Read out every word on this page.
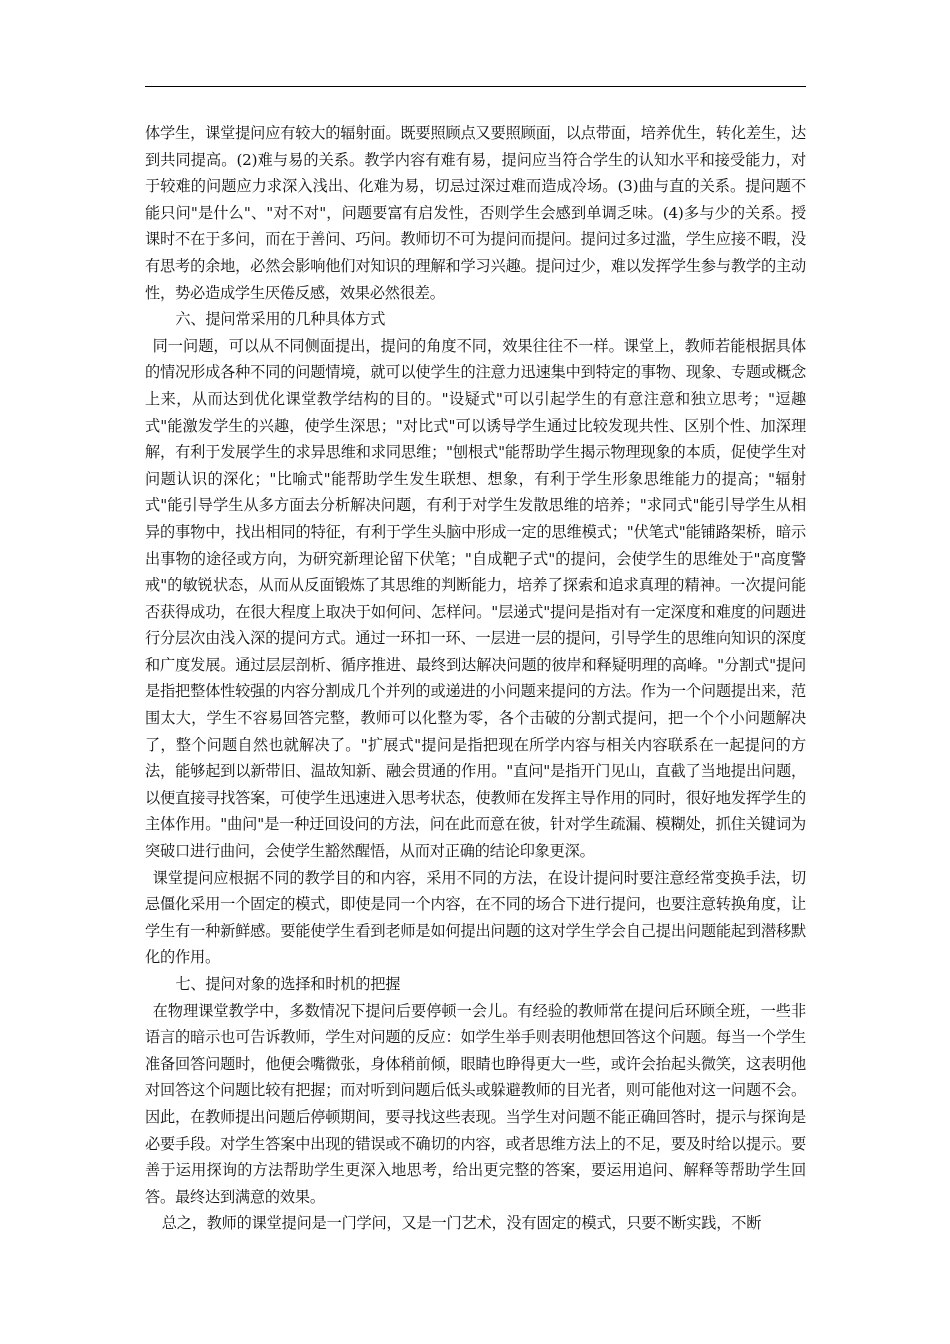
体学生，课堂提问应有较大的辐射面。既要照顾点又要照顾面，以点带面，培养优生，转化差生，达到共同提高。(2)难与易的关系。教学内容有难有易，提问应当符合学生的认知水平和接受能力，对于较难的问题应力求深入浅出、化难为易，切忌过深过难而造成冷场。(3)曲与直的关系。提问题不能只问"是什么"、"对不对"，问题要富有启发性，否则学生会感到单调乏味。(4)多与少的关系。授课时不在于多问，而在于善问、巧问。教师切不可为提问而提问。提问过多过滥，学生应接不暇，没有思考的余地，必然会影响他们对知识的理解和学习兴趣。提问过少，难以发挥学生参与教学的主动性，势必造成学生厌倦反感，效果必然很差。

六、提问常采用的几种具体方式

同一问题，可以从不同侧面提出，提问的角度不同，效果往往不一样。课堂上，教师若能根据具体的情况形成各种不同的问题情境，就可以使学生的注意力迅速集中到特定的事物、现象、专题或概念上来，从而达到优化课堂教学结构的目的。"设疑式"可以引起学生的有意注意和独立思考；"逗趣式"能激发学生的兴趣，使学生深思；"对比式"可以诱导学生通过比较发现共性、区别个性、加深理解，有利于发展学生的求异思维和求同思维；"刨根式"能帮助学生揭示物理现象的本质，促使学生对问题认识的深化；"比喻式"能帮助学生发生联想、想象，有利于学生形象思维能力的提高；"辐射式"能引导学生从多方面去分析解决问题，有利于对学生发散思维的培养；"求同式"能引导学生从相异的事物中，找出相同的特征，有利于学生头脑中形成一定的思维模式；"伏笔式"能铺路架桥，暗示出事物的途径或方向，为研究新理论留下伏笔；"自成靶子式"的提问，会使学生的思维处于"高度警戒"的敏锐状态，从而从反面锻炼了其思维的判断能力，培养了探索和追求真理的精神。一次提问能否获得成功，在很大程度上取决于如何问、怎样问。"层递式"提问是指对有一定深度和难度的问题进行分层次由浅入深的提问方式。通过一环扣一环、一层进一层的提问，引导学生的思维向知识的深度和广度发展。通过层层剖析、循序推进、最终到达解决问题的彼岸和释疑明理的高峰。"分割式"提问是指把整体性较强的内容分割成几个并列的或递进的小问题来提问的方法。作为一个问题提出来，范围太大，学生不容易回答完整，教师可以化整为零，各个击破的分割式提问，把一个个小问题解决了，整个问题自然也就解决了。"扩展式"提问是指把现在所学内容与相关内容联系在一起提问的方法，能够起到以新带旧、温故知新、融会贯通的作用。"直问"是指开门见山，直截了当地提出问题，以便直接寻找答案，可使学生迅速进入思考状态，使教师在发挥主导作用的同时，很好地发挥学生的主体作用。"曲问"是一种迂回设问的方法，问在此而意在彼，针对学生疏漏、模糊处，抓住关键词为突破口进行曲问，会使学生豁然醒悟，从而对正确的结论印象更深。

课堂提问应根据不同的教学目的和内容，采用不同的方法，在设计提问时要注意经常变换手法，切忌僵化采用一个固定的模式，即使是同一个内容，在不同的场合下进行提问，也要注意转换角度，让学生有一种新鲜感。要能使学生看到老师是如何提出问题的这对学生学会自己提出问题能起到潜移默化的作用。

七、提问对象的选择和时机的把握

在物理课堂教学中，多数情况下提问后要停顿一会儿。有经验的教师常在提问后环顾全班，一些非语言的暗示也可告诉教师，学生对问题的反应：如学生举手则表明他想回答这个问题。每当一个学生准备回答问题时，他便会嘴微张，身体稍前倾，眼睛也睁得更大一些，或许会抬起头微笑，这表明他对回答这个问题比较有把握；而对听到问题后低头或躲避教师的目光者，则可能他对这一问题不会。因此，在教师提出问题后停顿期间，要寻找这些表现。当学生对问题不能正确回答时，提示与探询是必要手段。对学生答案中出现的错误或不确切的内容，或者思维方法上的不足，要及时给以提示。要善于运用探询的方法帮助学生更深入地思考，给出更完整的答案，要运用追问、解释等帮助学生回答。最终达到满意的效果。

总之，教师的课堂提问是一门学问，又是一门艺术，没有固定的模式，只要不断实践，不断
